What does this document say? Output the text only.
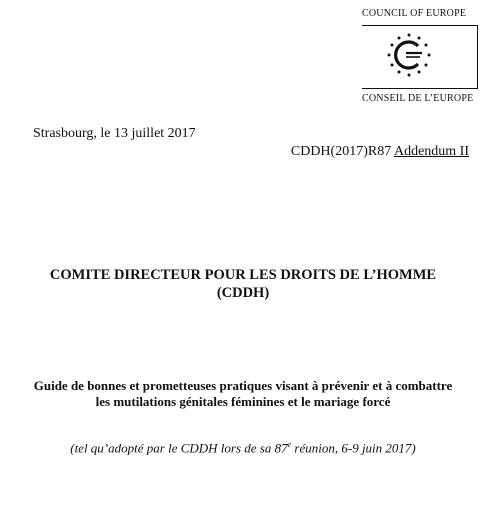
COUNCIL OF EUROPE
CONSEIL DE L’EUROPE
Strasbourg, le 13 juillet 2017
CDDH(2017)R87 Addendum II
COMITE DIRECTEUR POUR LES DROITS DE L’HOMME
(CDDH)
Guide de bonnes et prometteuses pratiques visant à prévenir et à combattre
les mutilations génitales féminines et le mariage forcé
(tel qu’adopté par le CDDH lors de sa 87e réunion, 6-9 juin 2017)
